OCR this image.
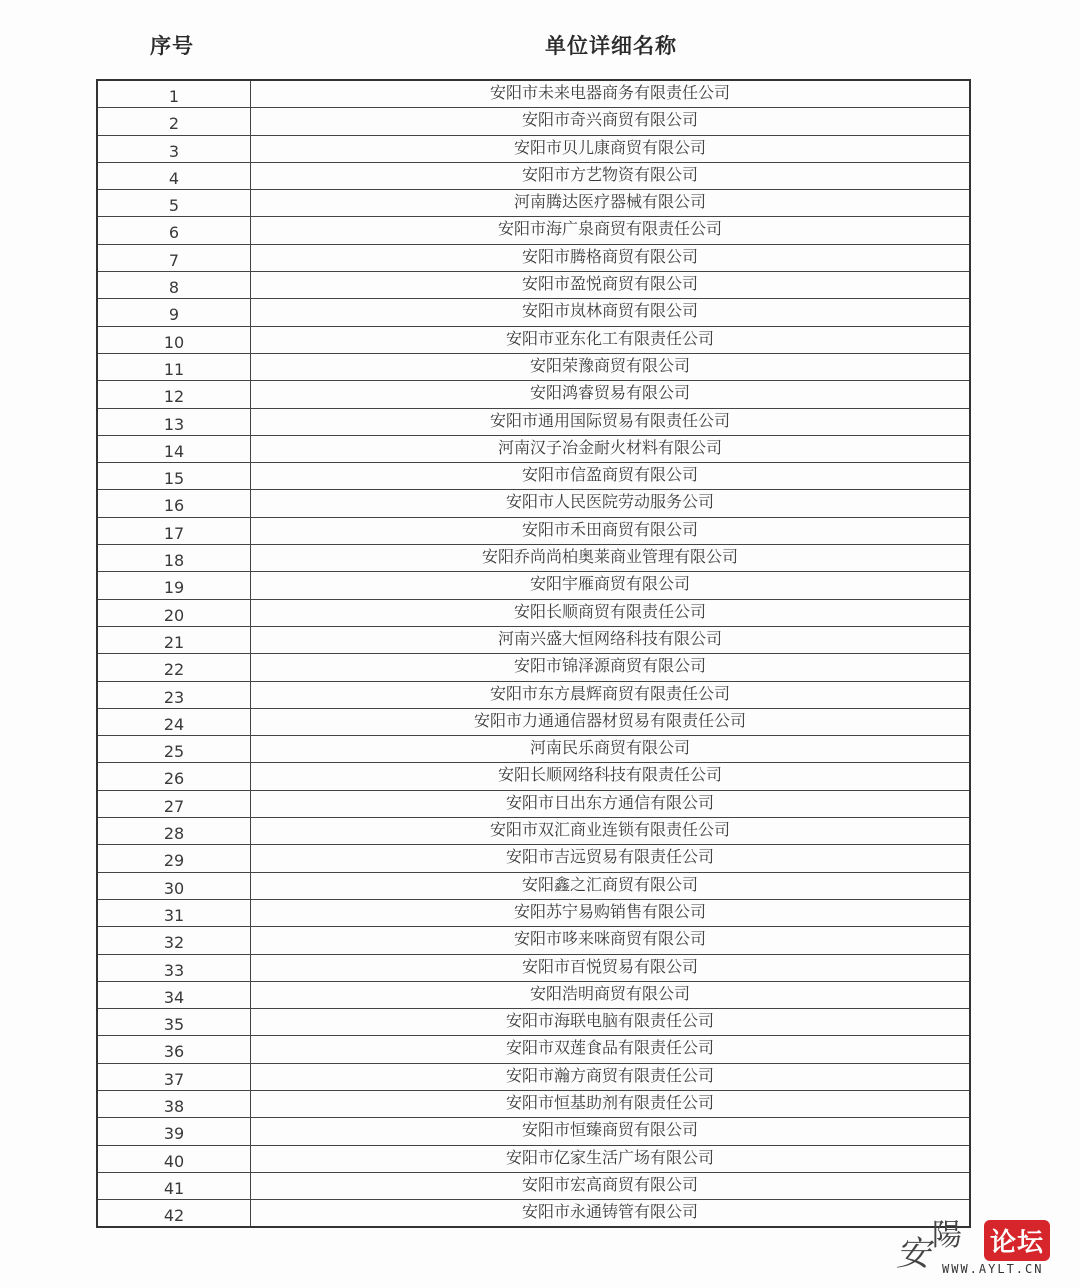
序号	单位详细名称
1	安阳市未来电器商务有限责任公司
2	安阳市奇兴商贸有限公司
3	安阳市贝儿康商贸有限公司
4	安阳市方艺物资有限公司
5	河南腾达医疗器械有限公司
6	安阳市海广泉商贸有限责任公司
7	安阳市腾格商贸有限公司
8	安阳市盈悦商贸有限公司
9	安阳市岚林商贸有限公司
10	安阳市亚东化工有限责任公司
11	安阳荣豫商贸有限公司
12	安阳鸿睿贸易有限公司
13	安阳市通用国际贸易有限责任公司
14	河南汉子冶金耐火材料有限公司
15	安阳市信盈商贸有限公司
16	安阳市人民医院劳动服务公司
17	安阳市禾田商贸有限公司
18	安阳乔尚尚柏奥莱商业管理有限公司
19	安阳宇雁商贸有限公司
20	安阳长顺商贸有限责任公司
21	河南兴盛大恒网络科技有限公司
22	安阳市锦泽源商贸有限公司
23	安阳市东方晨辉商贸有限责任公司
24	安阳市力通通信器材贸易有限责任公司
25	河南民乐商贸有限公司
26	安阳长顺网络科技有限责任公司
27	安阳市日出东方通信有限公司
28	安阳市双汇商业连锁有限责任公司
29	安阳市吉远贸易有限责任公司
30	安阳鑫之汇商贸有限公司
31	安阳苏宁易购销售有限公司
32	安阳市哆来咪商贸有限公司
33	安阳市百悦贸易有限公司
34	安阳浩明商贸有限公司
35	安阳市海联电脑有限责任公司
36	安阳市双莲食品有限责任公司
37	安阳市瀚方商贸有限责任公司
38	安阳市恒基助剂有限责任公司
39	安阳市恒臻商贸有限公司
40	安阳市亿家生活广场有限公司
41	安阳市宏高商贸有限公司
42	安阳市永通铸管有限公司
安
陽 论坛
WWW.AYLT.CN
